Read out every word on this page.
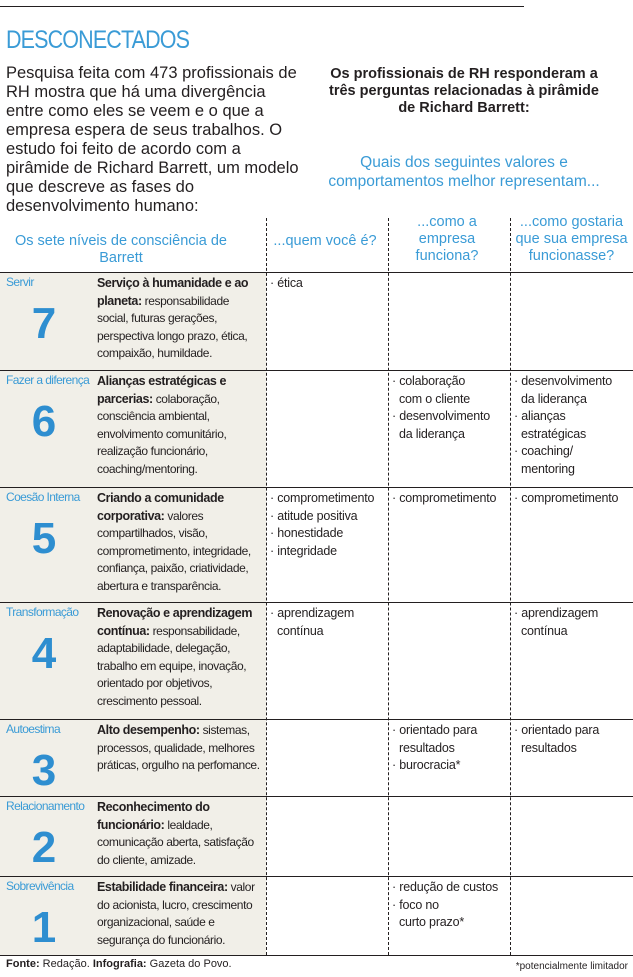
DESCONECTADOS
Pesquisa feita com 473 profissionais de RH mostra que há uma divergência entre como eles se veem e o que a empresa espera de seus trabalhos. O estudo foi feito de acordo com a pirâmide de Richard Barrett, um modelo que descreve as fases do desenvolvimento humano:
Os profissionais de RH responderam a três perguntas relacionadas à pirâmide de Richard Barrett:
Quais dos seguintes valores e comportamentos melhor representam...
Os sete níveis de consciência de Barrett
...quem você é?
...como a empresa funciona?
...como gostaria que sua empresa funcionasse?
Servir
7
Serviço à humanidade e ao planeta: responsabilidade social, futuras gerações, perspectiva longo prazo, ética, compaixão, humildade.
· ética
Fazer a diferença
6
Alianças estratégicas e parcerias: colaboração, consciência ambiental, envolvimento comunitário, realização funcionário, coaching/mentoring.
· colaboração
com o cliente
· desenvolvimento
da liderança
· desenvolvimento
da liderança
· alianças
estratégicas
· coaching/
mentoring
Coesão Interna
5
Criando a comunidade corporativa: valores compartilhados, visão, comprometimento, integridade, confiança, paixão, criatividade, abertura e transparência.
· comprometimento
· atitude positiva
· honestidade
· integridade
· comprometimento
·	comprometimento
Transformação
4
Renovação e aprendizagem contínua: responsabilidade, adaptabilidade, delegação, trabalho em equipe, inovação, orientado por objetivos, crescimento pessoal.
· aprendizagem
contínua
· aprendizagem
contínua
Autoestima
3
Alto desempenho: sistemas, processos, qualidade, melhores práticas, orgulho na perfomance.
· orientado para
resultados
· burocracia*
· orientado para
resultados
Relacionamento
2
Reconhecimento do funcionário: lealdade, comunicação aberta, satisfação do cliente, amizade.
Sobrevivência
1
Estabilidade financeira: valor do acionista, lucro, crescimento organizacional, saúde e segurança do funcionário.
· redução de custos
· foco no
curto prazo*
Fonte: Redação. Infografia: Gazeta do Povo.	*potencialmente limitador
